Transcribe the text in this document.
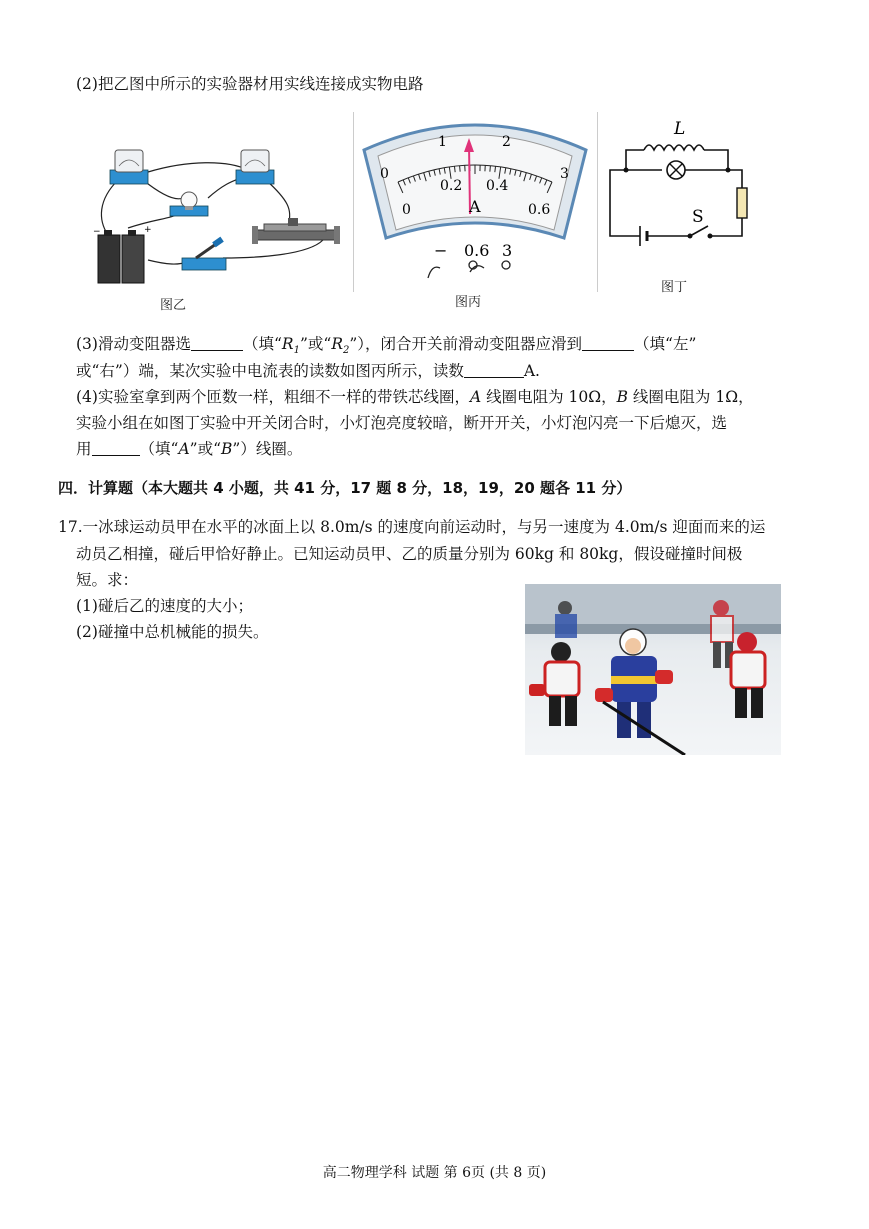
(2)把乙图中所示的实验器材用实线连接成实物电路
−	+
图乙
0
1	2
3
0
0.2 0.4
0.6
A
− 0.6 3
图丙
L
S
图丁
(3)滑动变阻器选	（填“$R_1$”或“$R_2$”），闭合开关前滑动变阻器应滑到	（填“左”
或“右”）端，某次实验中电流表的读数如图丙所示，读数	A.
(4)实验室拿到两个匝数一样，粗细不一样的带铁芯线圈，A 线圈电阻为 10Ω，B 线圈电阻为 1Ω，
实验小组在如图丁实验中开关闭合时，小灯泡亮度较暗，断开开关，小灯泡闪亮一下后熄灭，选
用	（填“A”或“B”）线圈。
四．计算题（本大题共 4 小题，共 41 分，17 题 8 分，18，19，20 题各 11 分）
17.一冰球运动员甲在水平的冰面上以 8.0m/s 的速度向前运动时，与另一速度为 4.0m/s 迎面而来的运
动员乙相撞，碰后甲恰好静止。已知运动员甲、乙的质量分别为 60kg 和 80kg，假设碰撞时间极
短。求：
(1)碰后乙的速度的大小；
(2)碰撞中总机械能的损失。
高二物理学科 试题 第 6页 (共 8 页)
